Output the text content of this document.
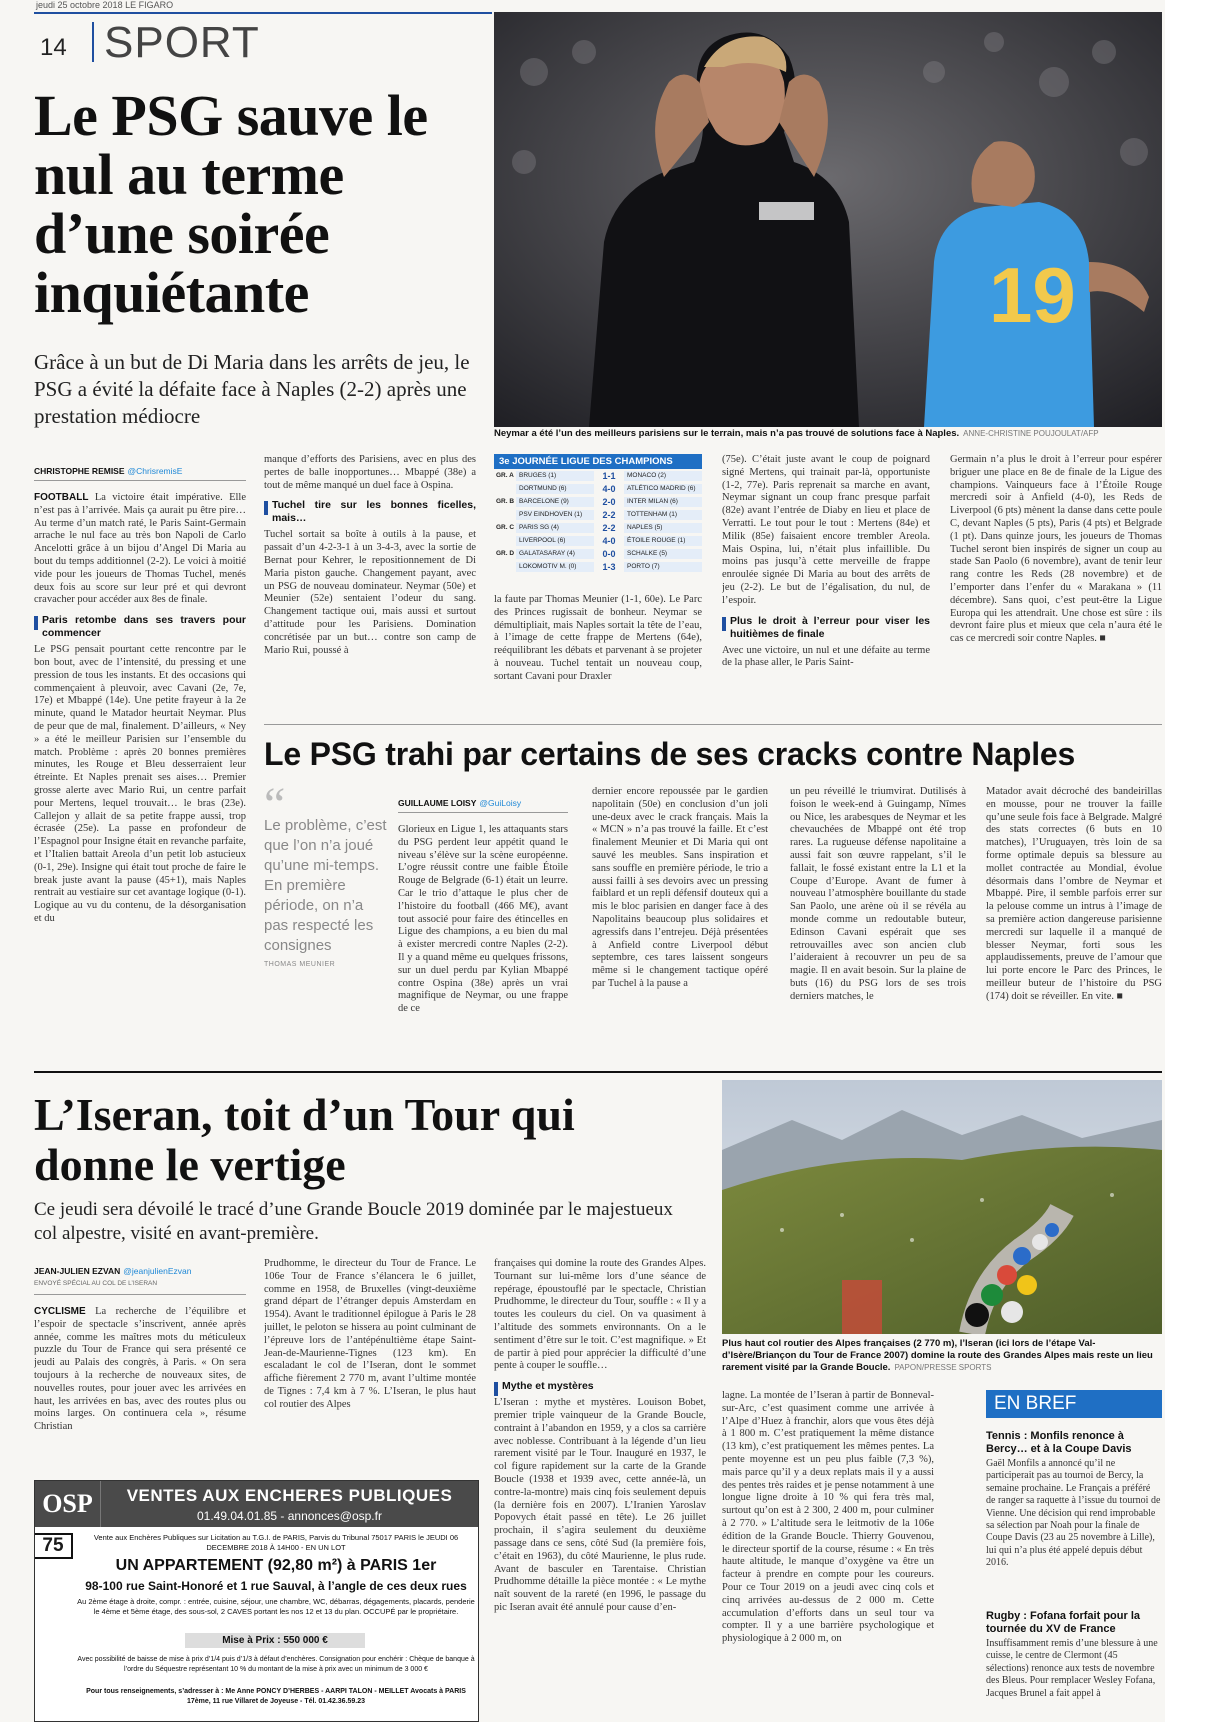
jeudi 25 octobre 2018 LE FIGARO
14 SPORT
Le PSG sauve le nul au terme d’une soirée inquiétante

Grâce à un but de Di Maria dans les arrêts de jeu, le PSG a évité la défaite face à Naples (2-2) après une prestation médiocre

19
Neymar a été l’un des meilleurs parisiens sur le terrain, mais n’a pas trouvé de solutions face à Naples. ANNE-CHRISTINE POUJOULAT/AFP
CHRISTOPHE REMISE @ChrisremisE

FOOTBALL La victoire était impérative. Elle n’est pas à l’arrivée. Mais ça aurait pu être pire… Au terme d’un match raté, le Paris Saint-Germain arrache le nul face au très bon Napoli de Carlo Ancelotti grâce à un bijou d’Angel Di Maria au bout du temps additionnel (2-2). Le voici à moitié vide pour les joueurs de Thomas Tuchel, menés deux fois au score sur leur pré et qui devront cravacher pour accéder aux 8es de finale.

Paris retombe dans ses travers pour commencer

Le PSG pensait pourtant cette rencontre par le bon bout, avec de l’intensité, du pressing et une pression de tous les instants. Et des occasions qui commençaient à pleuvoir, avec Cavani (2e, 7e, 17e) et Mbappé (14e). Une petite frayeur à la 2e minute, quand le Matador heurtait Neymar. Plus de peur que de mal, finalement. D’ailleurs, « Ney » a été le meilleur Parisien sur l’ensemble du match. Problème : après 20 bonnes premières minutes, les Rouge et Bleu desserraient leur étreinte. Et Naples prenait ses aises… Premier grosse alerte avec Mario Rui, un centre parfait pour Mertens, lequel trouvait… le bras (23e). Callejon y allait de sa petite frappe aussi, trop écrasée (25e). La passe en profondeur de l’Espagnol pour Insigne était en revanche parfaite, et l’Italien battait Areola d’un petit lob astucieux (0-1, 29e). Insigne qui était tout proche de faire le break juste avant la pause (45+1), mais Naples rentrait au vestiaire sur cet avantage logique (0-1). Logique au vu du contenu, de la désorganisation et du

manque d’efforts des Parisiens, avec en plus des pertes de balle inopportunes… Mbappé (38e) a tout de même manqué un duel face à Ospina.

Tuchel tire sur les bonnes ficelles, mais…

Tuchel sortait sa boîte à outils à la pause, et passait d’un 4-2-3-1 à un 3-4-3, avec la sortie de Bernat pour Kehrer, le repositionnement de Di Maria piston gauche. Changement payant, avec un PSG de nouveau dominateur. Neymar (50e) et Meunier (52e) sentaient l’odeur du sang. Changement tactique oui, mais aussi et surtout d’attitude pour les Parisiens. Domination concrétisée par un but… contre son camp de Mario Rui, poussé à

3e JOURNÉE LIGUE DES CHAMPIONS
GR. A BRUGES (1)	1-1	MONACO (2)
DORTMUND (6)	4-0	ATLÉTICO MADRID (6)
GR. B BARCELONE (9)	2-0	INTER MILAN (6)
PSV EINDHOVEN (1)	2-2	TOTTENHAM (1)
GR. C PARIS SG (4)	2-2	NAPLES (5)
LIVERPOOL (6)	4-0	ÉTOILE ROUGE (1)
GR. D GALATASARAY (4)	0-0	SCHALKE (5)
LOKOMOTIV M. (0)	1-3	PORTO (7)

la faute par Thomas Meunier (1-1, 60e). Le Parc des Princes rugissait de bonheur. Neymar se démultipliait, mais Naples sortait la tête de l’eau, à l’image de cette frappe de Mertens (64e), reéquilibrant les débats et parvenant à se projeter à nouveau. Tuchel tentait un nouveau coup, sortant Cavani pour Draxler

(75e). C’était juste avant le coup de poignard signé Mertens, qui trainait par-là, opportuniste (1-2, 77e). Paris reprenait sa marche en avant, Neymar signant un coup franc presque parfait (82e) avant l’entrée de Diaby en lieu et place de Verratti. Le tout pour le tout : Mertens (84e) et Milik (85e) faisaient encore trembler Areola. Mais Ospina, lui, n’était plus infaillible. Du moins pas jusqu’à cette merveille de frappe enroulée signée Di Maria au bout des arrêts de jeu (2-2). Le but de l’égalisation, du nul, de l’espoir.

Plus le droit à l’erreur pour viser les huitièmes de finale

Avec une victoire, un nul et une défaite au terme de la phase aller, le Paris Saint-

Germain n’a plus le droit à l’erreur pour espérer briguer une place en 8e de finale de la Ligue des champions. Vainqueurs face à l’Étoile Rouge mercredi soir à Anfield (4-0), les Reds de Liverpool (6 pts) mènent la danse dans cette poule C, devant Naples (5 pts), Paris (4 pts) et Belgrade (1 pt). Dans quinze jours, les joueurs de Thomas Tuchel seront bien inspirés de signer un coup au stade San Paolo (6 novembre), avant de tenir leur rang contre les Reds (28 novembre) et de l’emporter dans l’enfer du « Marakana » (11 décembre). Sans quoi, c’est peut-être la Ligue Europa qui les attendrait. Une chose est sûre : ils devront faire plus et mieux que cela n’aura été le cas ce mercredi soir contre Naples. ■

Le PSG trahi par certains de ses cracks contre Naples
“
Le problème, c’est que l’on n’a joué qu’une mi-temps. En première période, on n’a pas respecté les consignes
THOMAS MEUNIER
GUILLAUME LOISY @GuiLoisy

Glorieux en Ligue 1, les attaquants stars du PSG perdent leur appétit quand le niveau s’élève sur la scène européenne. L’ogre réussit contre une faible Étoile Rouge de Belgrade (6-1) était un leurre. Car le trio d’attaque le plus cher de l’histoire du football (466 M€), avant tout associé pour faire des étincelles en Ligue des champions, a eu bien du mal à exister mercredi contre Naples (2-2). Il y a quand même eu quelques frissons, sur un duel perdu par Kylian Mbappé contre Ospina (38e) après un vrai magnifique de Neymar, ou une frappe de ce

dernier encore repoussée par le gardien napolitain (50e) en conclusion d’un joli une-deux avec le crack français. Mais la « MCN » n’a pas trouvé la faille. Et c’est finalement Meunier et Di Maria qui ont sauvé les meubles. Sans inspiration et sans souffle en première période, le trio a aussi failli à ses devoirs avec un pressing faiblard et un repli défensif douteux qui a mis le bloc parisien en danger face à des Napolitains beaucoup plus solidaires et agressifs dans l’entrejeu. Déjà présentées à Anfield contre Liverpool début septembre, ces tares laissent songeurs même si le changement tactique opéré par Tuchel à la pause a

un peu réveillé le triumvirat. Dutilisés à foison le week-end à Guingamp, Nîmes ou Nice, les arabesques de Neymar et les chevauchées de Mbappé ont été trop rares. La rugueuse défense napolitaine a aussi fait son œuvre rappelant, s’il le fallait, le fossé existant entre la L1 et la Coupe d’Europe. Avant de fumer à nouveau l’atmosphère bouillante du stade San Paolo, une arène où il se révéla au monde comme un redoutable buteur, Edinson Cavani espérait que ses retrouvailles avec son ancien club l’aideraient à recouvrer un peu de sa magie. Il en avait besoin. Sur la plaine de buts (16) du PSG lors de ses trois derniers matches, le

Matador avait décroché des bandeirillas en mousse, pour ne trouver la faille qu’une seule fois face à Belgrade. Malgré des stats correctes (6 buts en 10 matches), l’Uruguayen, très loin de sa forme optimale depuis sa blessure au mollet contractée au Mondial, évolue désormais dans l’ombre de Neymar et Mbappé. Pire, il semble parfois errer sur la pelouse comme un intrus à l’image de sa première action dangereuse parisienne mercredi sur laquelle il a manqué de blesser Neymar, forti sous les applaudissements, preuve de l’amour que lui porte encore le Parc des Princes, le meilleur buteur de l’histoire du PSG (174) doit se réveiller. En vite. ■

L’Iseran, toit d’un Tour qui donne le vertige

Ce jeudi sera dévoilé le tracé d’une Grande Boucle 2019 dominée par le majestueux col alpestre, visité en avant-première.

Plus haut col routier des Alpes françaises (2 770 m), l’Iseran (ici lors de l’étape Val-d’Isère/Briançon du Tour de France 2007) domine la route des Grandes Alpes mais reste un lieu rarement visité par la Grande Boucle. PAPON/PRESSE SPORTS
JEAN-JULIEN EZVAN @jeanjulienEzvan
ENVOYÉ SPÉCIAL AU COL DE L’ISERAN

CYCLISME La recherche de l’équilibre et l’espoir de spectacle s’inscrivent, année après année, comme les maîtres mots du méticuleux puzzle du Tour de France qui sera présenté ce jeudi au Palais des congrès, à Paris. « On sera toujours à la recherche de nouveaux sites, de nouvelles routes, pour jouer avec les arrivées en haut, les arrivées en bas, avec des routes plus ou moins larges. On continuera cela », résume Christian

Prudhomme, le directeur du Tour de France. Le 106e Tour de France s’élancera le 6 juillet, comme en 1958, de Bruxelles (vingt-deuxième grand départ de l’étranger depuis Amsterdam en 1954). Avant le traditionnel épilogue à Paris le 28 juillet, le peloton se hissera au point culminant de l’épreuve lors de l’antépénultième étape Saint-Jean-de-Maurienne-Tignes (123 km). En escaladant le col de l’Iseran, dont le sommet affiche fièrement 2 770 m, avant l’ultime montée de Tignes : 7,4 km à 7 %. L’Iseran, le plus haut col routier des Alpes

françaises qui domine la route des Grandes Alpes. Tournant sur lui-même lors d’une séance de repérage, époustouflé par le spectacle, Christian Prudhomme, le directeur du Tour, souffle : « Il y a toutes les couleurs du ciel. On va quasiment à l’altitude des sommets environnants. On a le sentiment d’être sur le toit. C’est magnifique. » Et de partir à pied pour apprécier la difficulté d’une pente à couper le souffle…

Mythe et mystères

L’Iseran : mythe et mystères. Louison Bobet, premier triple vainqueur de la Grande Boucle, contraint à l’abandon en 1959, y a clos sa carrière avec noblesse. Contribuant à la légende d’un lieu rarement visité par le Tour. Inauguré en 1937, le col figure rapidement sur la carte de la Grande Boucle (1938 et 1939 avec, cette année-là, un contre-la-montre) mais cinq fois seulement depuis (la dernière fois en 2007). L’Iranien Yaroslav Popovych était passé en tête). Le 26 juillet prochain, il s’agira seulement du deuxième passage dans ce sens, côté Sud (la première fois, c’était en 1963), du côté Maurienne, le plus rude. Avant de basculer en Tarentaise. Christian Prudhomme détaille la pièce montée : « Le mythe naît souvent de la rareté (en 1996, le passage du pic Iseran avait été annulé pour cause d’en-

lagne. La montée de l’Iseran à partir de Bonneval-sur-Arc, c’est quasiment comme une arrivée à l’Alpe d’Huez à franchir, alors que vous êtes déjà à 1 800 m. C’est pratiquement la même distance (13 km), c’est pratiquement les mêmes pentes. La pente moyenne est un peu plus faible (7,3 %), mais parce qu’il y a deux replats mais il y a aussi des pentes très raides et je pense notamment à une longue ligne droite à 10 % qui fera très mal, surtout qu’on est à 2 300, 2 400 m, pour culminer à 2 770. » L’altitude sera le leitmotiv de la 106e édition de la Grande Boucle. Thierry Gouvenou, le directeur sportif de la course, résume : « En très haute altitude, le manque d’oxygène va être un facteur à prendre en compte pour les coureurs. Pour ce Tour 2019 on a jeudi avec cinq cols et cinq arrivées au-dessus de 2 000 m. Cette accumulation d’efforts dans un seul tour va compter. Il y a une barrière psychologique et physiologique à 2 000 m, on

EN BREF
Tennis : Monfils renonce à Bercy… et à la Coupe Davis

Gaël Monfils a annoncé qu’il ne participerait pas au tournoi de Bercy, la semaine prochaine. Le Français a préféré de ranger sa raquette à l’issue du tournoi de Vienne. Une décision qui rend improbable sa sélection par Noah pour la finale de Coupe Davis (23 au 25 novembre à Lille), lui qui n’a plus été appelé depuis début 2016.

Rugby : Fofana forfait pour la tournée du XV de France

Insuffisamment remis d’une blessure à une cuisse, le centre de Clermont (45 sélections) renonce aux tests de novembre des Bleus. Pour remplacer Wesley Fofana, Jacques Brunel a fait appel à

OSP	VENTES AUX ENCHERES PUBLIQUES
01.49.04.01.85 - annonces@osp.fr
75	Vente aux Enchères Publiques sur Licitation au T.G.I. de PARIS, Parvis du Tribunal 75017 PARIS le JEUDI 06 DECEMBRE 2018 À 14H00 - EN UN LOT
UN APPARTEMENT (92,80 m²) à PARIS 1er
98-100 rue Saint-Honoré et 1 rue Sauval, à l’angle de ces deux rues
Au 2ème étage à droite, compr. : entrée, cuisine, séjour, une chambre, WC, débarras, dégagements, placards, penderie le 4ème et 5ème étage, des sous-sol, 2 CAVES portant les nos 12 et 13 du plan. OCCUPÉ par le propriétaire.
Mise à Prix : 550 000 €
Avec possibilité de baisse de mise à prix d’1/4 puis d’1/3 à défaut d’enchères. Consignation pour enchérir : Chèque de banque à l’ordre du Séquestre représentant 10 % du montant de la mise à prix avec un minimum de 3 000 €
Pour tous renseignements, s’adresser à : Me Anne PONCY D’HERBES - AARPI TALON - MEILLET Avocats à PARIS 17ème, 11 rue Villaret de Joyeuse - Tél. 01.42.36.59.23
